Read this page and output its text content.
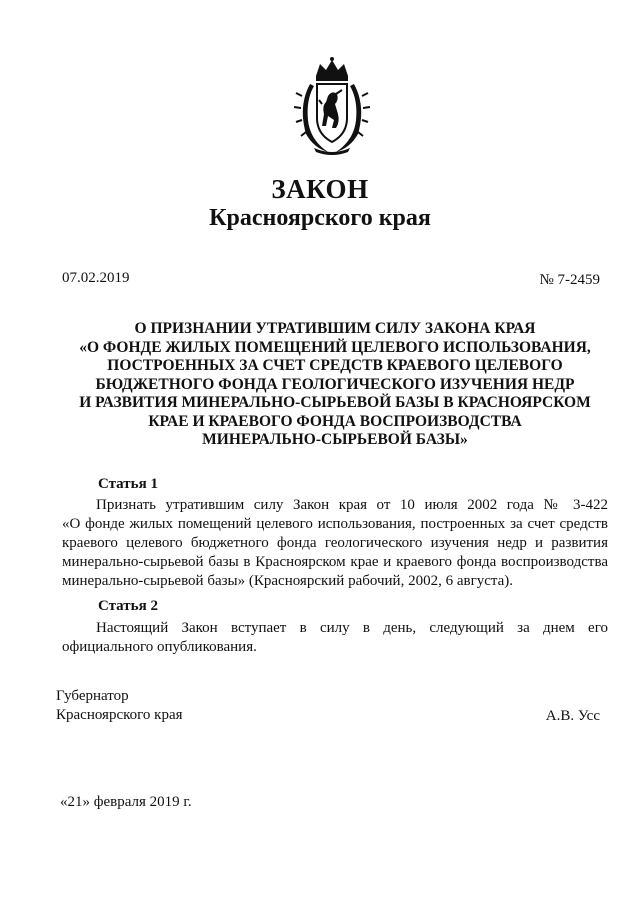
ЗАКОН
Красноярского края
07.02.2019	№ 7-2459
О ПРИЗНАНИИ УТРАТИВШИМ СИЛУ ЗАКОНА КРАЯ
«О ФОНДЕ ЖИЛЫХ ПОМЕЩЕНИЙ ЦЕЛЕВОГО ИСПОЛЬЗОВАНИЯ,
ПОСТРОЕННЫХ ЗА СЧЕТ СРЕДСТВ КРАЕВОГО ЦЕЛЕВОГО
БЮДЖЕТНОГО ФОНДА ГЕОЛОГИЧЕСКОГО ИЗУЧЕНИЯ НЕДР
И РАЗВИТИЯ МИНЕРАЛЬНО-СЫРЬЕВОЙ БАЗЫ В КРАСНОЯРСКОМ
КРАЕ И КРАЕВОГО ФОНДА ВОСПРОИЗВОДСТВА
МИНЕРАЛЬНО-СЫРЬЕВОЙ БАЗЫ»
Статья 1
Признать утратившим силу Закон края от 10 июля 2002 года № 3-422
«О фонде жилых помещений целевого использования, построенных за счет средств
краевого целевого бюджетного фонда геологического изучения недр и развития
минерально-сырьевой базы в Красноярском крае и краевого фонда воспроизводства
минерально-сырьевой базы» (Красноярский рабочий, 2002, 6 августа).
Статья 2
Настоящий Закон вступает в силу в день, следующий за днем его
официального опубликования.
Губернатор
Красноярского края	А.В. Усс
«21» февраля 2019 г.
